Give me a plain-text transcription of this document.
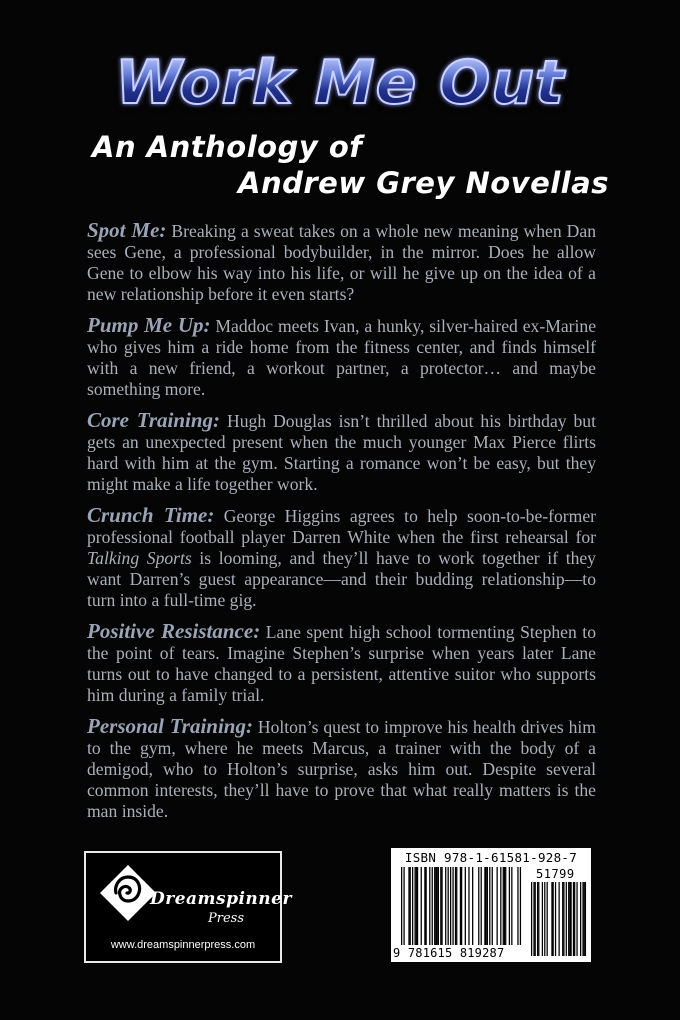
Work Me Out
An Anthology of
Andrew Grey Novellas

Spot Me: Breaking a sweat takes on a whole new meaning when Dan sees Gene, a professional bodybuilder, in the mirror. Does he allow Gene to elbow his way into his life, or will he give up on the idea of a new relationship before it even starts?

Pump Me Up: Maddoc meets Ivan, a hunky, silver-haired ex-Marine who gives him a ride home from the fitness center, and finds himself with a new friend, a workout partner, a protector… and maybe something more.

Core Training: Hugh Douglas isn’t thrilled about his birthday but gets an unexpected present when the much younger Max Pierce flirts hard with him at the gym. Starting a romance won’t be easy, but they might make a life together work.

Crunch Time: George Higgins agrees to help soon-to-be-former professional football player Darren White when the first rehearsal for Talking Sports is looming, and they’ll have to work together if they want Darren’s guest appearance—and their budding relationship—to turn into a full-time gig.

Positive Resistance: Lane spent high school tormenting Stephen to the point of tears. Imagine Stephen’s surprise when years later Lane turns out to have changed to a persistent, attentive suitor who supports him during a family trial.

Personal Training: Holton’s quest to improve his health drives him to the gym, where he meets Marcus, a trainer with the body of a demigod, who to Holton’s surprise, asks him out. Despite several common interests, they’ll have to prove that what really matters is the man inside.

Dreamspinner
Press
www.dreamspinnerpress.com
ISBN 978-1-61581-928-7
51799
9 781615 819287
